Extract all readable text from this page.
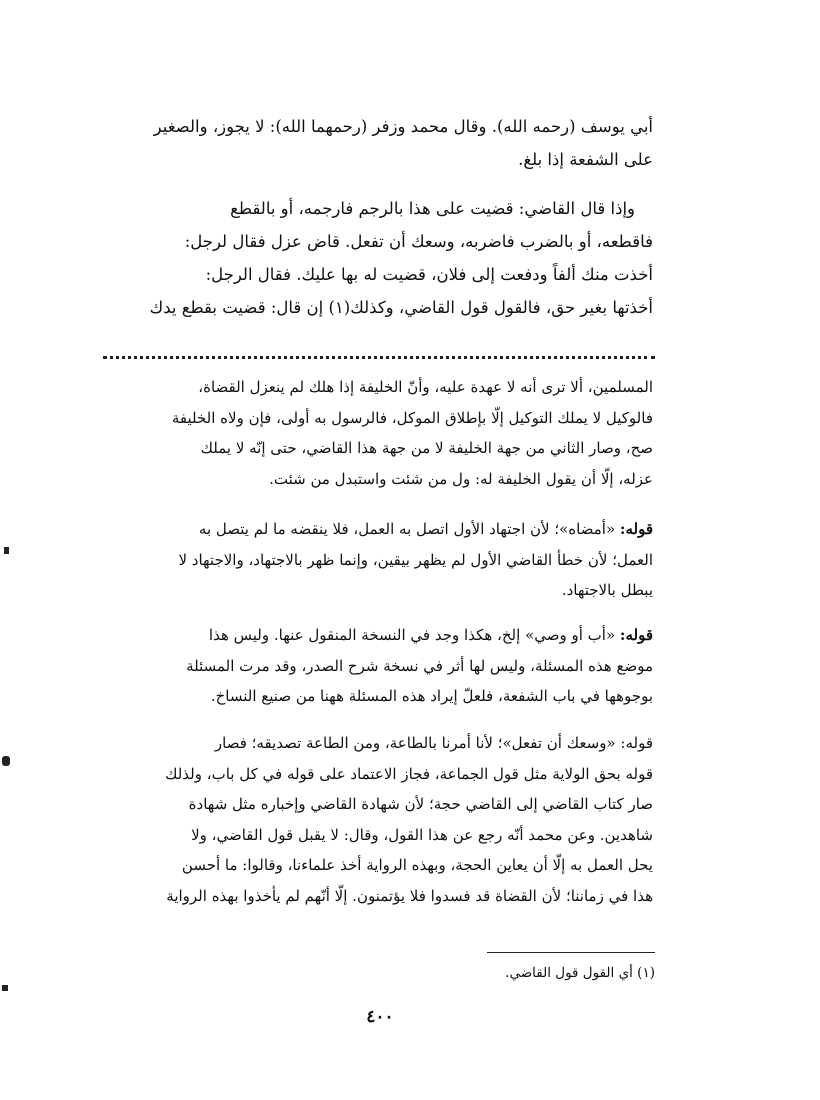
أبي يوسف (رحمه الله). وقال محمد وزفر (رحمهما الله): لا يجوز، والصغير
على الشفعة إذا بلغ.
وإذا قال القاضي: قضيت على هذا بالرجم فارجمه، أو بالقطع
فاقطعه، أو بالضرب فاضربه، وسعك أن تفعل. قاض عزل فقال لرجل:
أخذت منك ألفاً ودفعت إلى فلان، قضيت له بها عليك. فقال الرجل:
أخذتها بغير حق، فالقول قول القاضي، وكذلك(١) إن قال: قضيت بقطع يدك
المسلمين، ألا ترى أنه لا عهدة عليه، وأنّ الخليفة إذا هلك لم ينعزل القضاة،
فالوكيل لا يملك التوكيل إلّا بإطلاق الموكل، فالرسول به أولى، فإن ولاه الخليفة
صح، وصار الثاني من جهة الخليفة لا من جهة هذا القاضي، حتى إنّه لا يملك
عزله، إلّا أن يقول الخليفة له: ول من شئت واستبدل من شئت.
قوله: «أمضاه»؛ لأن اجتهاد الأول اتصل به العمل، فلا ينقضه ما لم يتصل به
العمل؛ لأن خطأ القاضي الأول لم يظهر بيقين، وإنما ظهر بالاجتهاد، والاجتهاد لا
يبطل بالاجتهاد.
قوله: «أب أو وصي» إلخ، هكذا وجد في النسخة المنقول عنها. وليس هذا
موضع هذه المسئلة، وليس لها أثر في نسخة شرح الصدر، وقد مرت المسئلة
بوجوهها في باب الشفعة، فلعلّ إيراد هذه المسئلة ههنا من صنيع النساخ.
قوله: «وسعك أن تفعل»؛ لأنا أمرنا بالطاعة، ومن الطاعة تصديقه؛ فصار
قوله بحق الولاية مثل قول الجماعة، فجاز الاعتماد على قوله في كل باب، ولذلك
صار كتاب القاضي إلى القاضي حجة؛ لأن شهادة القاضي وإخباره مثل شهادة
شاهدين. وعن محمد أنّه رجع عن هذا القول، وقال: لا يقبل قول القاضي، ولا
يحل العمل به إلّا أن يعاين الحجة، وبهذه الرواية أخذ علماءنا، وقالوا: ما أحسن
هذا في زماننا؛ لأن القضاة قد فسدوا فلا يؤتمنون. إلّا أنّهم لم يأخذوا بهذه الرواية
(١) أي القول قول القاضي.
٤٠٠
